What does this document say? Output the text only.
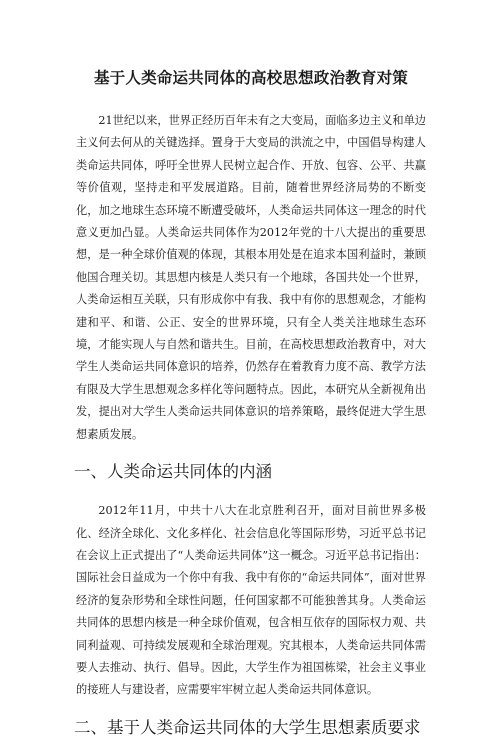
基于人类命运共同体的高校思想政治教育对策

21世纪以来，世界正经历百年未有之大变局，面临多边主义和单边主义何去何从的关键选择。置身于大变局的洪流之中，中国倡导构建人类命运共同体，呼吁全世界人民树立起合作、开放、包容、公平、共赢等价值观，坚持走和平发展道路。目前，随着世界经济局势的不断变化，加之地球生态环境不断遭受破坏，人类命运共同体这一理念的时代意义更加凸显。人类命运共同体作为2012年党的十八大提出的重要思想，是一种全球价值观的体现，其根本用处是在追求本国利益时，兼顾他国合理关切。其思想内核是人类只有一个地球，各国共处一个世界，人类命运相互关联，只有形成你中有我、我中有你的思想观念，才能构建和平、和谐、公正、安全的世界环境，只有全人类关注地球生态环境，才能实现人与自然和谐共生。目前，在高校思想政治教育中，对大学生人类命运共同体意识的培养，仍然存在着教育力度不高、教学方法有限及大学生思想观念多样化等问题特点。因此，本研究从全新视角出发，提出对大学生人类命运共同体意识的培养策略，最终促进大学生思想素质发展。

一、人类命运共同体的内涵

2012年11月，中共十八大在北京胜利召开，面对目前世界多极化、经济全球化、文化多样化、社会信息化等国际形势，习近平总书记在会议上正式提出了“人类命运共同体”这一概念。习近平总书记指出：国际社会日益成为一个你中有我、我中有你的“命运共同体”，面对世界经济的复杂形势和全球性问题，任何国家都不可能独善其身。人类命运共同体的思想内核是一种全球价值观，包含相互依存的国际权力观、共同利益观、可持续发展观和全球治理观。究其根本，人类命运共同体需要人去推动、执行、倡导。因此，大学生作为祖国栋梁，社会主义事业的接班人与建设者，应需要牢牢树立起人类命运共同体意识。

二、基于人类命运共同体的大学生思想素质要求
